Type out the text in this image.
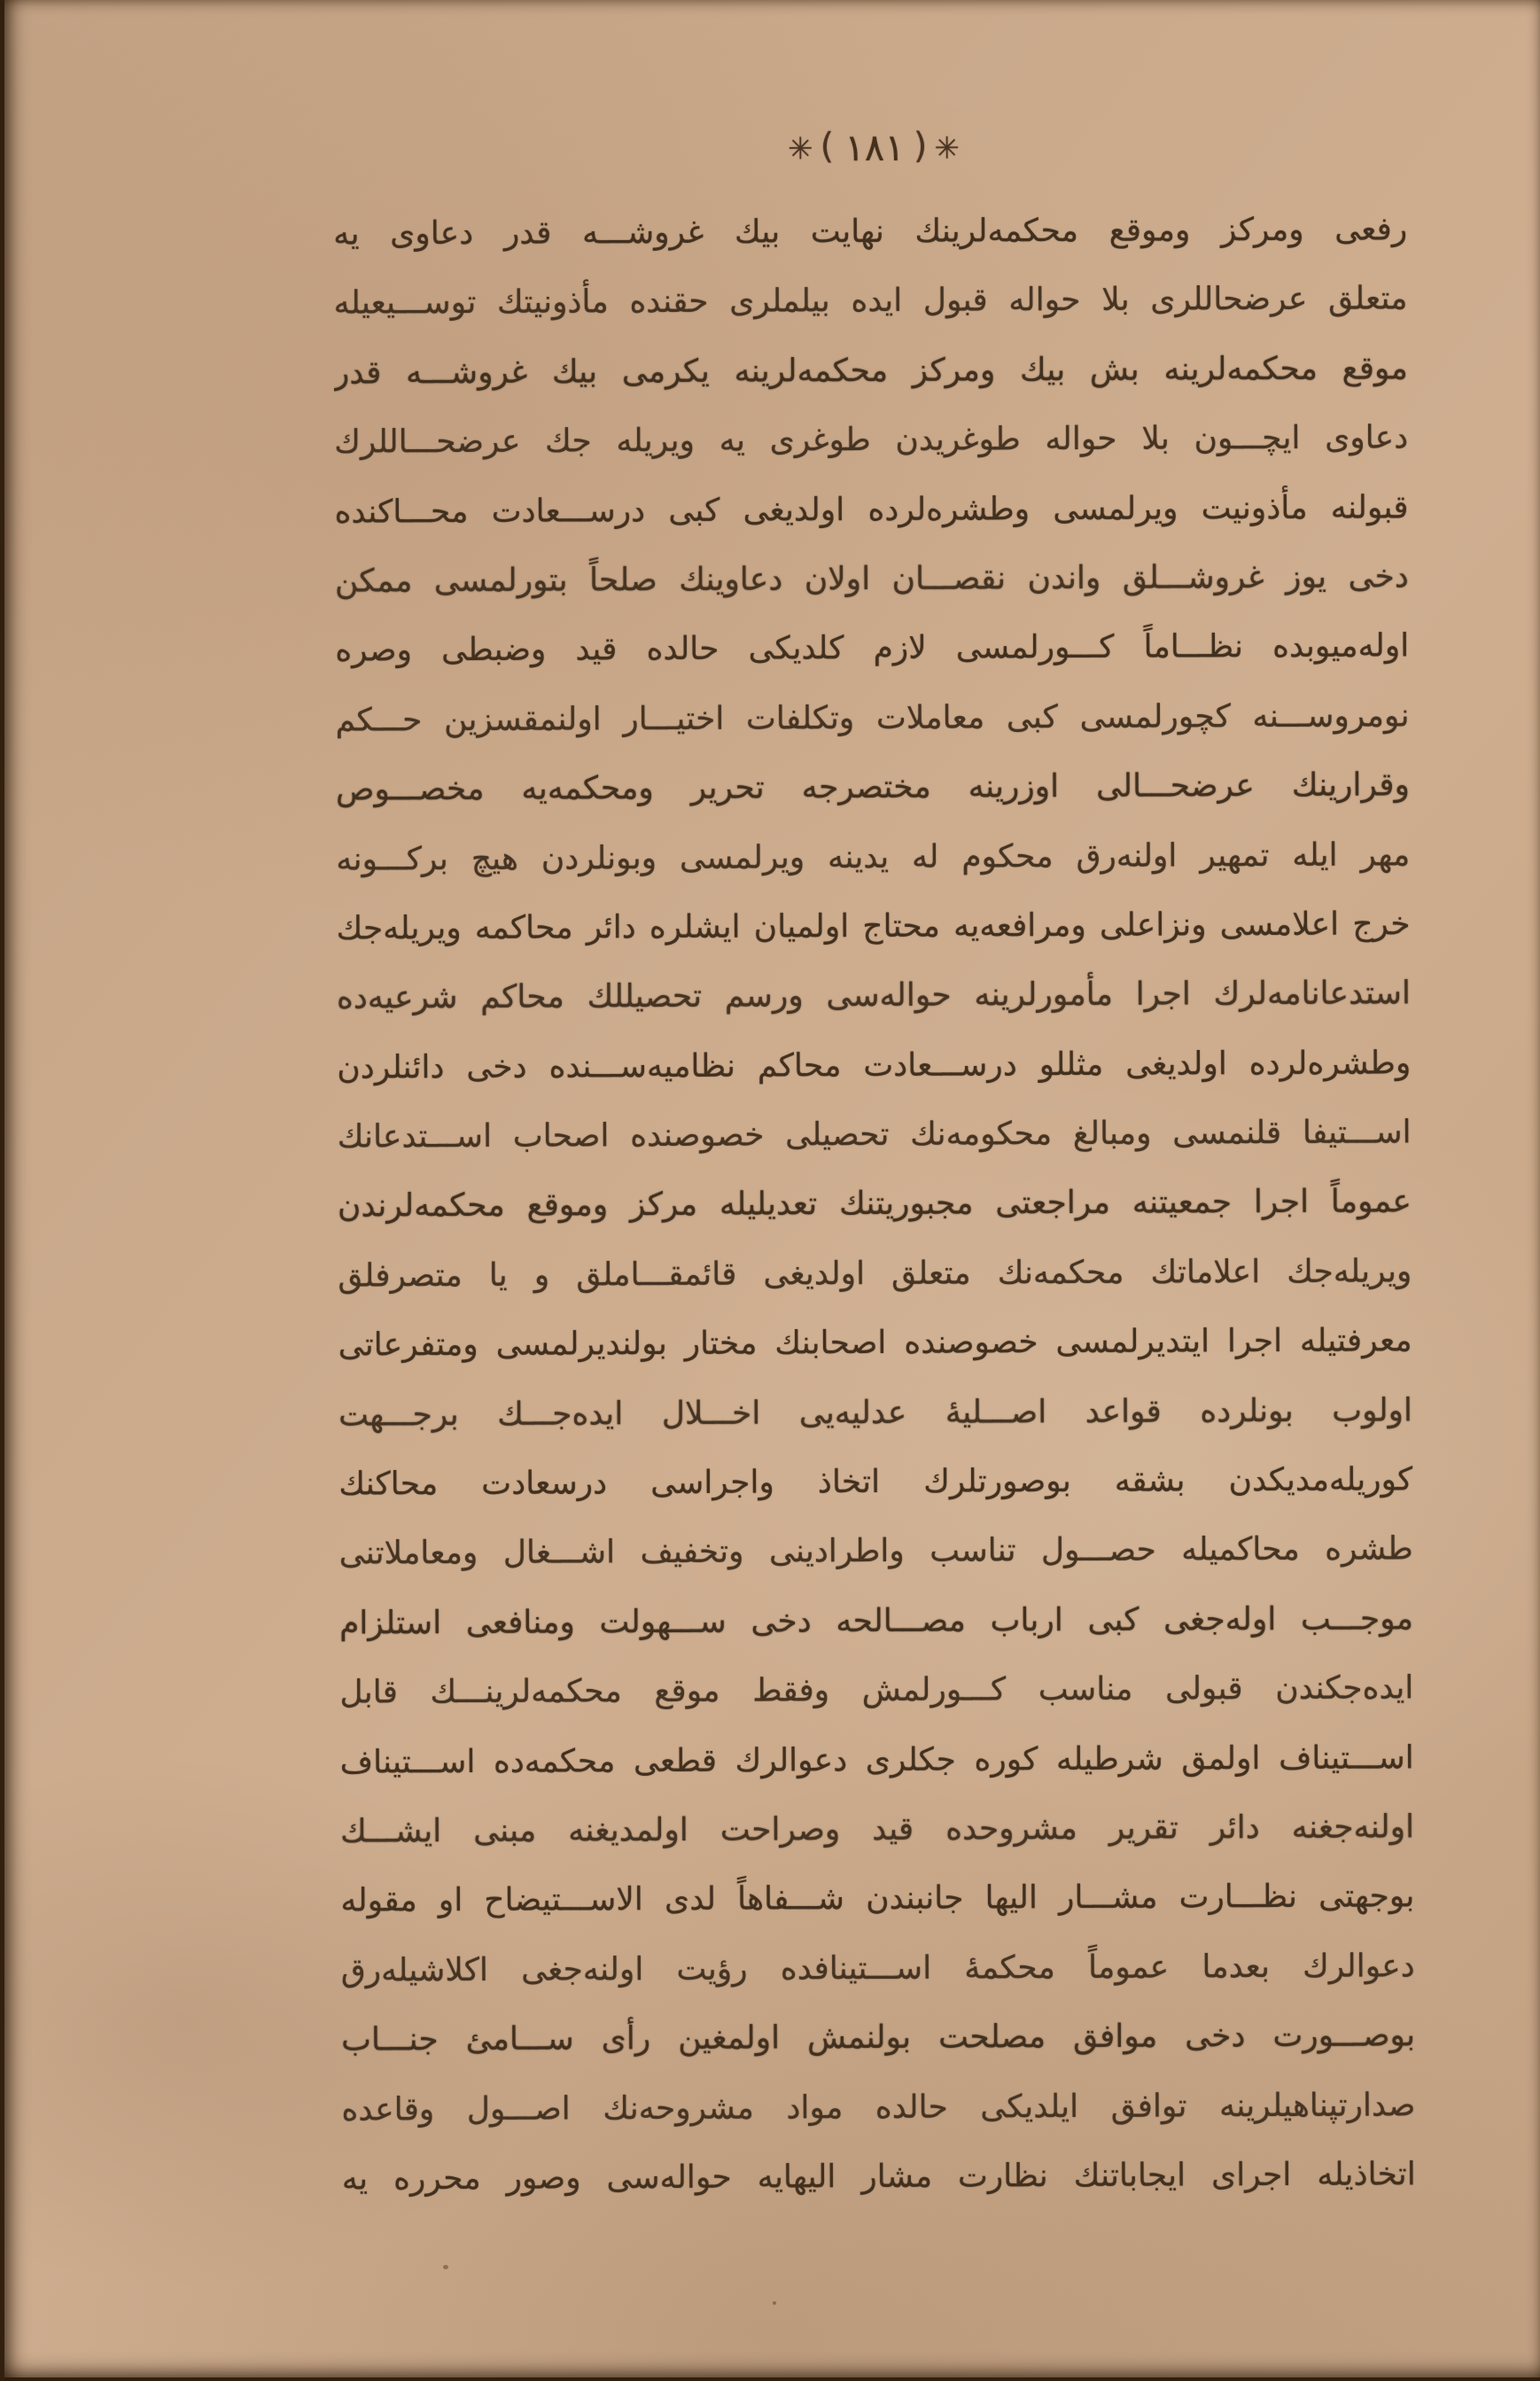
✳ ( ١٨١ ) ✳
رفعى ومركز وموقع محكمه‌لرينك نهايت بيك غروشـــه قدر دعاوى يه
متعلق عرضحاللرى بلا حواله قبول ايده بيلملرى حقنده مأذونيتك توســـيعيله
موقع محكمه‌لرينه بش بيك ومركز محكمه‌لرينه يكرمى بيك غروشـــه قدر
دعاوى ايچـــون بلا حواله طوغريدن طوغرى يه ويريله جك عرضحـــاللرك
قبولنه مأذونيت ويرلمسى وطشره‌لرده اولديغى كبى درســـعادت محـــاكنده
دخى يوز غروشـــلق واندن نقصـــان اولان دعاوينك صلحاً بتورلمسى ممكن
اوله‌ميوبده نظـــاماً كـــورلمسى لازم كلديكى حالده قيد وضبطى وصره
نومروســـنه كچورلمسى كبى معاملات وتكلفات اختيـــار اولنمقسزين حـــكم
وقرارينك عرضحـــالى اوزرينه مختصرجه تحرير ومحكمه‌يه مخصـــوص
مهر ايله تمهير اولنه‌رق محكوم له يدينه ويرلمسى وبونلردن هيچ بركـــونه
خرج اعلامسى ونزاعلى ومرافعه‌يه محتاج اولميان ايشلره دائر محاكمه ويريله‌جك
استدعانامه‌لرك اجرا مأمورلرينه حواله‌سى ورسم تحصيللك محاكم شرعيه‌ده
وطشره‌لرده اولديغى مثللو درســـعادت محاكم نظاميه‌ســـنده دخى دائنلردن
اســـتيفا قلنمسى ومبالغ محكومه‌نك تحصيلى خصوصنده اصحاب اســـتدعانك
عموماً اجرا جمعيتنه مراجعتى مجبوريتنك تعديليله مركز وموقع محكمه‌لرندن
ويريله‌جك اعلاماتك محكمه‌نك متعلق اولديغى قائمقـــاملق و يا متصرفلق
معرفتيله اجرا ايتديرلمسى خصوصنده اصحابنك مختار بولنديرلمسى ومتفرعاتى
اولوب بونلرده قواعد اصـــليهٔ عدليه‌يى اخـــلال ايده‌جـــك برجـــهت
كوريله‌مديكدن بشقه بوصورتلرك اتخاذ واجراسى درسعادت محاكنك
طشره محاكميله حصـــول تناسب واطرادينى وتخفيف اشـــغال ومعاملاتنى
موجـــب اوله‌جغى كبى ارباب مصـــالحه دخى ســـهولت ومنافعى استلزام
ايده‌جكندن قبولى مناسب كـــورلمش وفقط موقع محكمه‌لرينـــك قابل
اســـتيناف اولمق شرطيله كوره جكلرى دعوالرك قطعى محكمه‌ده اســـتيناف
اولنه‌جغنه دائر تقرير مشروحده قيد وصراحت اولمديغنه مبنى ايشـــك
بوجهتى نظـــارت مشـــار اليها جانبندن شـــفاهاً لدى الاســـتيضاح او مقوله
دعوالرك بعدما عموماً محكمهٔ اســـتينافده رؤيت اولنه‌جغى اكلاشيله‌رق
بوصـــورت دخى موافق مصلحت بولنمش اولمغين رأى ســـامئ جنـــاب
صدارتپناهيلرينه توافق ايلديكى حالده مواد مشروحه‌نك اصـــول وقاعده
اتخاذيله اجراى ايجاباتنك نظارت مشار اليهايه حواله‌سى وصور محرره يه
